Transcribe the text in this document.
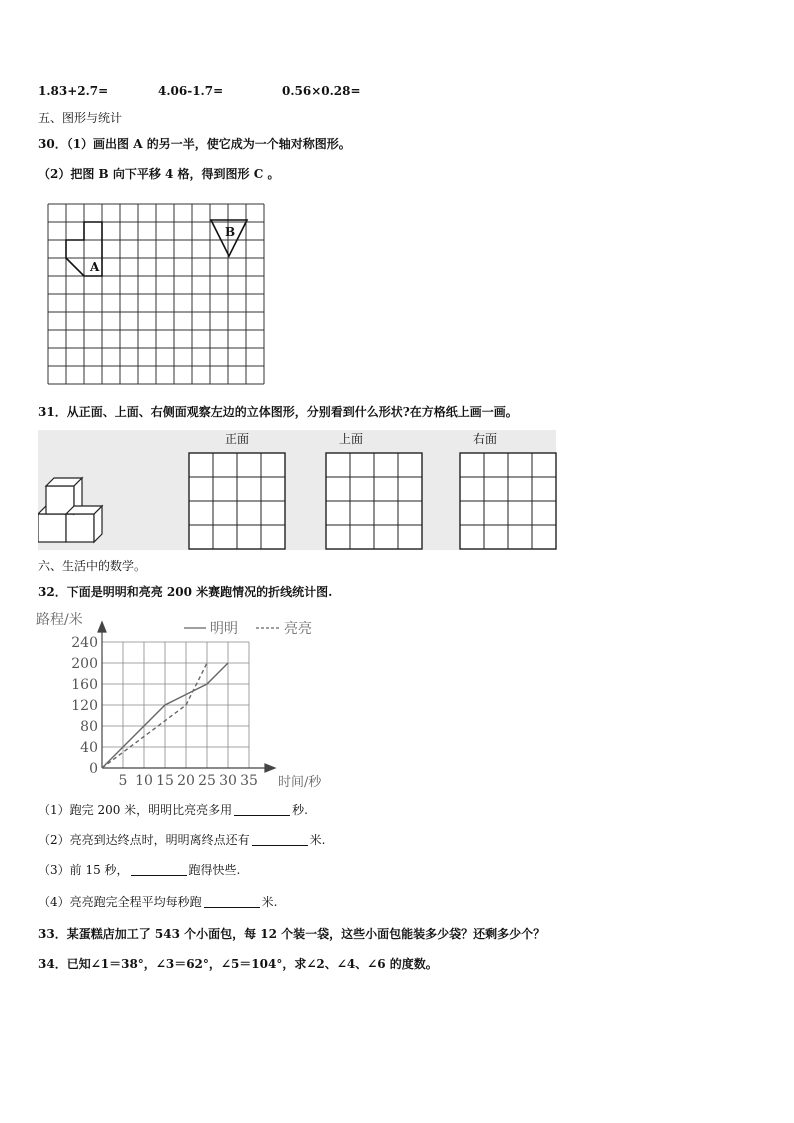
1.83+2.7=	4.06-1.7=	0.56×0.28=
五、图形与统计
30．（1）画出图 A 的另一半，使它成为一个轴对称图形。
（2）把图 B 向下平移 4 格，得到图形 C 。
A
B
31．从正面、上面、右侧面观察左边的立体图形，分别看到什么形状?在方格纸上画一画。
正面	上面	右面
六、生活中的数学。
32．下面是明明和亮亮 200 米赛跑情况的折线统计图.
路程/米
0
40
80
120
160
200
240
5 10 15 20 25 30 35 时间/秒
明明	亮亮
（1）跑完 200 米，明明比亮亮多用	秒.
（2）亮亮到达终点时，明明离终点还有	米.
（3）前 15 秒，	跑得快些.
（4）亮亮跑完全程平均每秒跑	米.
33．某蛋糕店加工了 543 个小面包，每 12 个装一袋，这些小面包能装多少袋？还剩多少个？
34．已知∠1＝38°，∠3＝62°，∠5＝104°，求∠2、∠4、∠6 的度数。
